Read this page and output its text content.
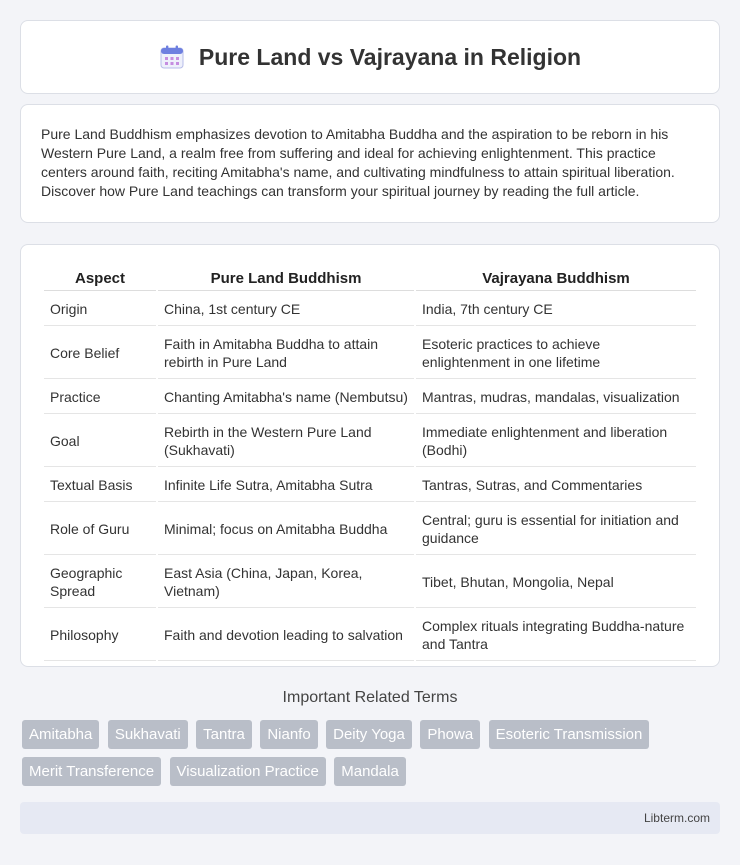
Pure Land vs Vajrayana in Religion

Pure Land Buddhism emphasizes devotion to Amitabha Buddha and the aspiration to be reborn in his Western Pure Land, a realm free from suffering and ideal for achieving enlightenment. This practice centers around faith, reciting Amitabha's name, and cultivating mindfulness to attain spiritual liberation. Discover how Pure Land teachings can transform your spiritual journey by reading the full article.

Aspect	Pure Land Buddhism	Vajrayana Buddhism
Origin	China, 1st century CE	India, 7th century CE
Core Belief	Faith in Amitabha Buddha to attain rebirth in Pure Land	Esoteric practices to achieve enlightenment in one lifetime
Practice	Chanting Amitabha's name (Nembutsu)	Mantras, mudras, mandalas, visualization
Goal	Rebirth in the Western Pure Land (Sukhavati)	Immediate enlightenment and liberation (Bodhi)
Textual Basis	Infinite Life Sutra, Amitabha Sutra	Tantras, Sutras, and Commentaries
Role of Guru	Minimal; focus on Amitabha Buddha	Central; guru is essential for initiation and guidance
Geographic Spread	East Asia (China, Japan, Korea, Vietnam)	Tibet, Bhutan, Mongolia, Nepal
Philosophy	Faith and devotion leading to salvation	Complex rituals integrating Buddha-nature and Tantra
Important Related Terms
Amitabha Sukhavati Tantra Nianfo Deity Yoga Phowa Esoteric Transmission Merit Transference Visualization Practice Mandala
Libterm.com
